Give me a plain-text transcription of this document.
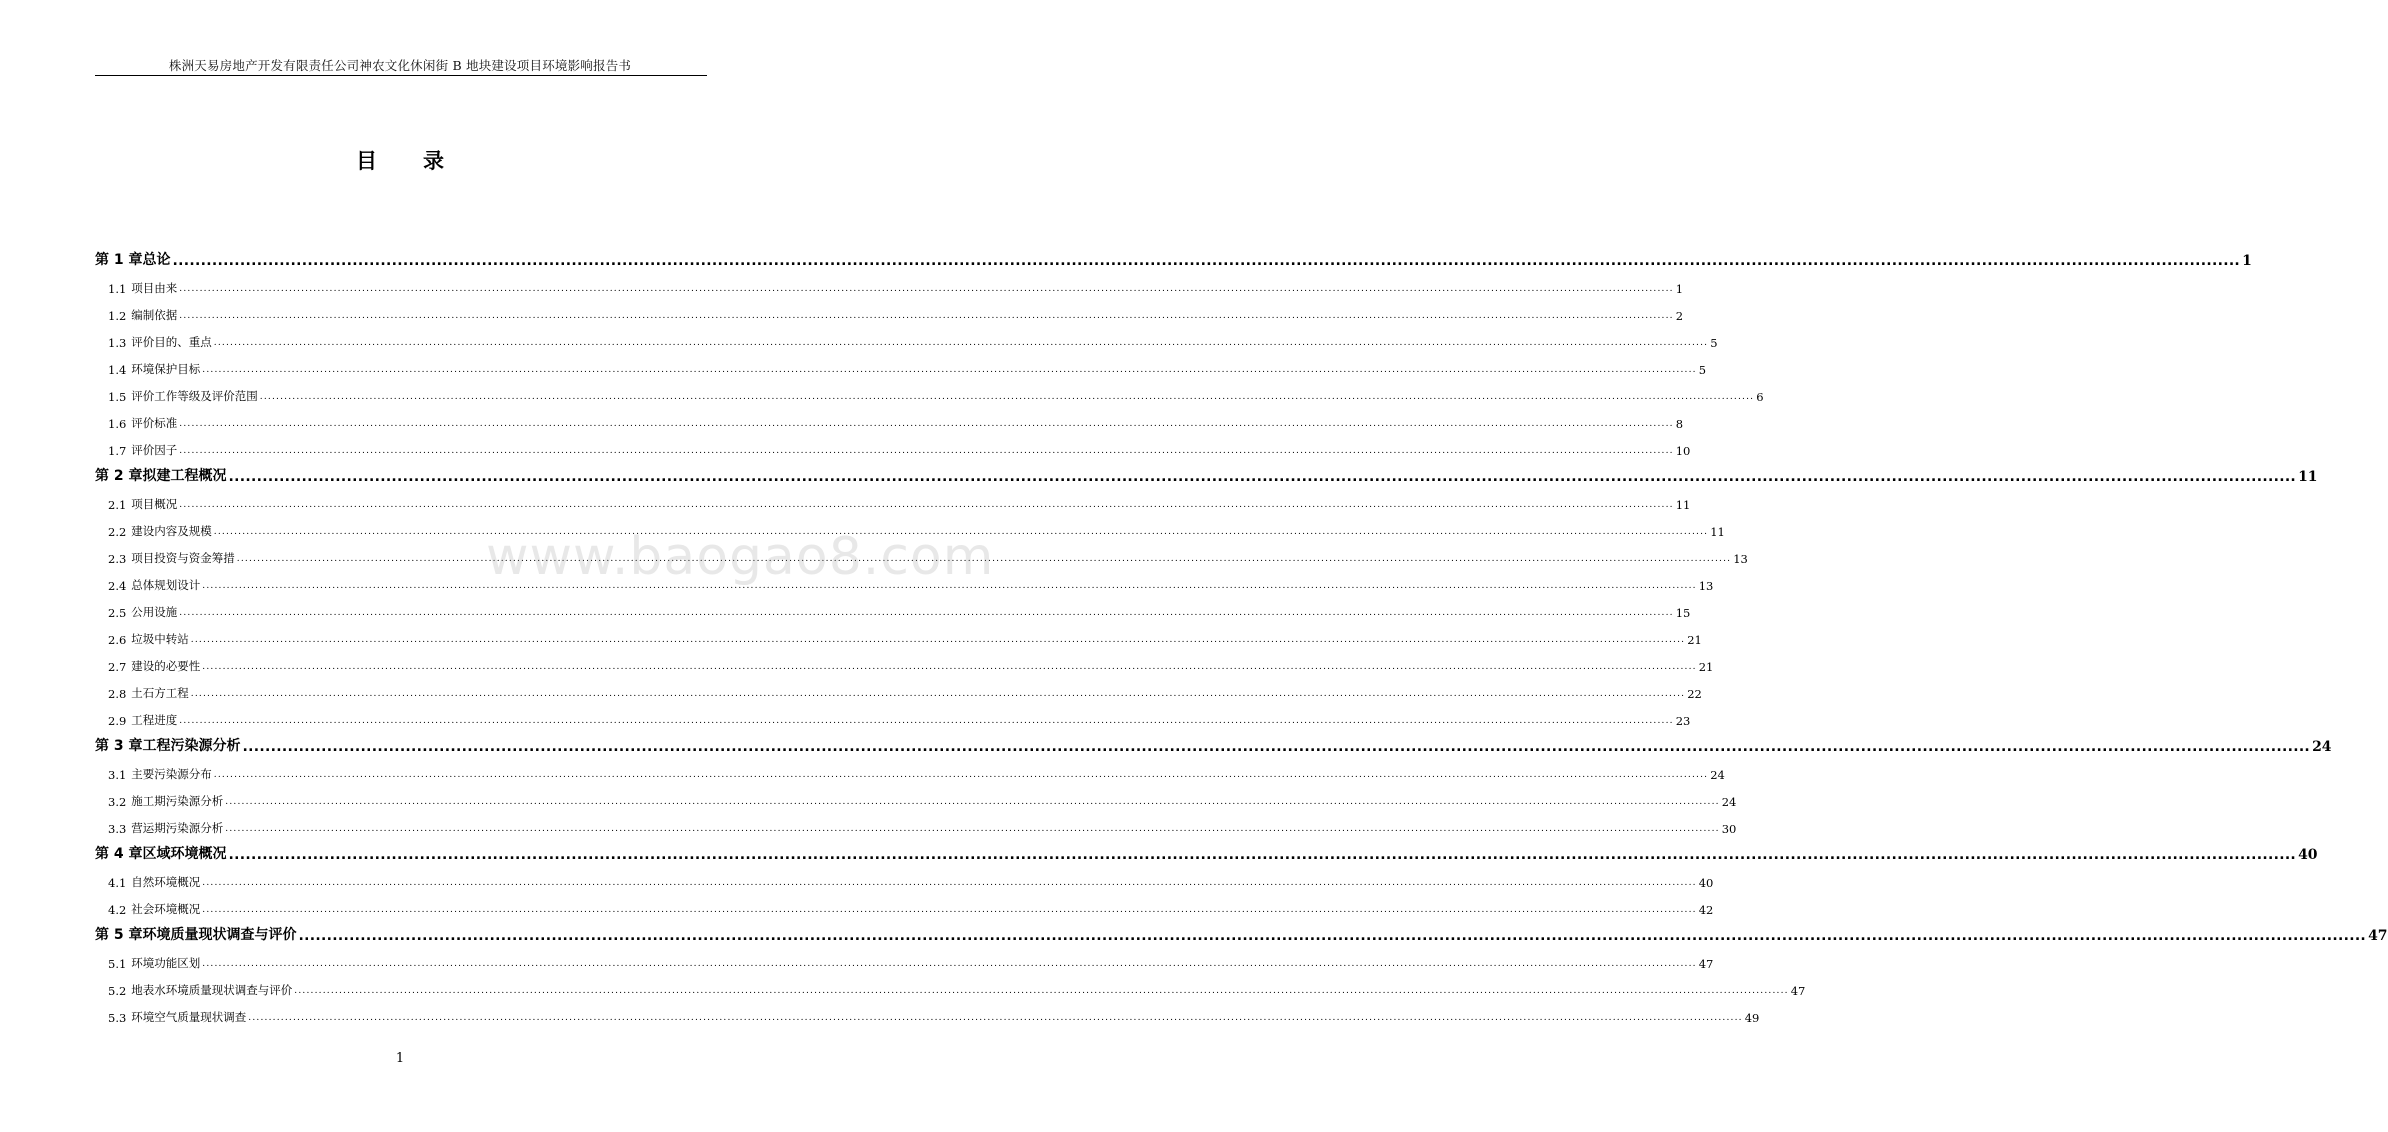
株洲天易房地产开发有限责任公司神农文化休闲街 B 地块建设项目环境影响报告书
目 录
第 1 章 总论 .....	1
1.1 项目由来 .....	1
1.2 编制依据 .....	2
1.3 评价目的、重点 .....	5
1.4 环境保护目标 .....	5
1.5 评价工作等级及评价范围 .....	6
1.6 评价标准 .....	8
1.7 评价因子 .....	10
第 2 章 拟建工程概况 .....	11
2.1 项目概况 .....	11
2.2 建设内容及规模 .....	11
2.3 项目投资与资金筹措 .....	13
2.4 总体规划设计 .....	13
2.5 公用设施 .....	15
2.6 垃圾中转站 .....	21
2.7 建设的必要性 .....	21
2.8 土石方工程 .....	22
2.9 工程进度 .....	23
第 3 章 工程污染源分析 .....	24
3.1 主要污染源分布 .....	24
3.2 施工期污染源分析 .....	24
3.3 营运期污染源分析 .....	30
第 4 章 区域环境概况 .....	40
4.1 自然环境概况 .....	40
4.2 社会环境概况 .....	42
第 5 章 环境质量现状调查与评价 .....	47
5.1 环境功能区划 .....	47
5.2 地表水环境质量现状调查与评价 .....	47
5.3 环境空气质量现状调查 .....	49
www.baogao8.com
1
